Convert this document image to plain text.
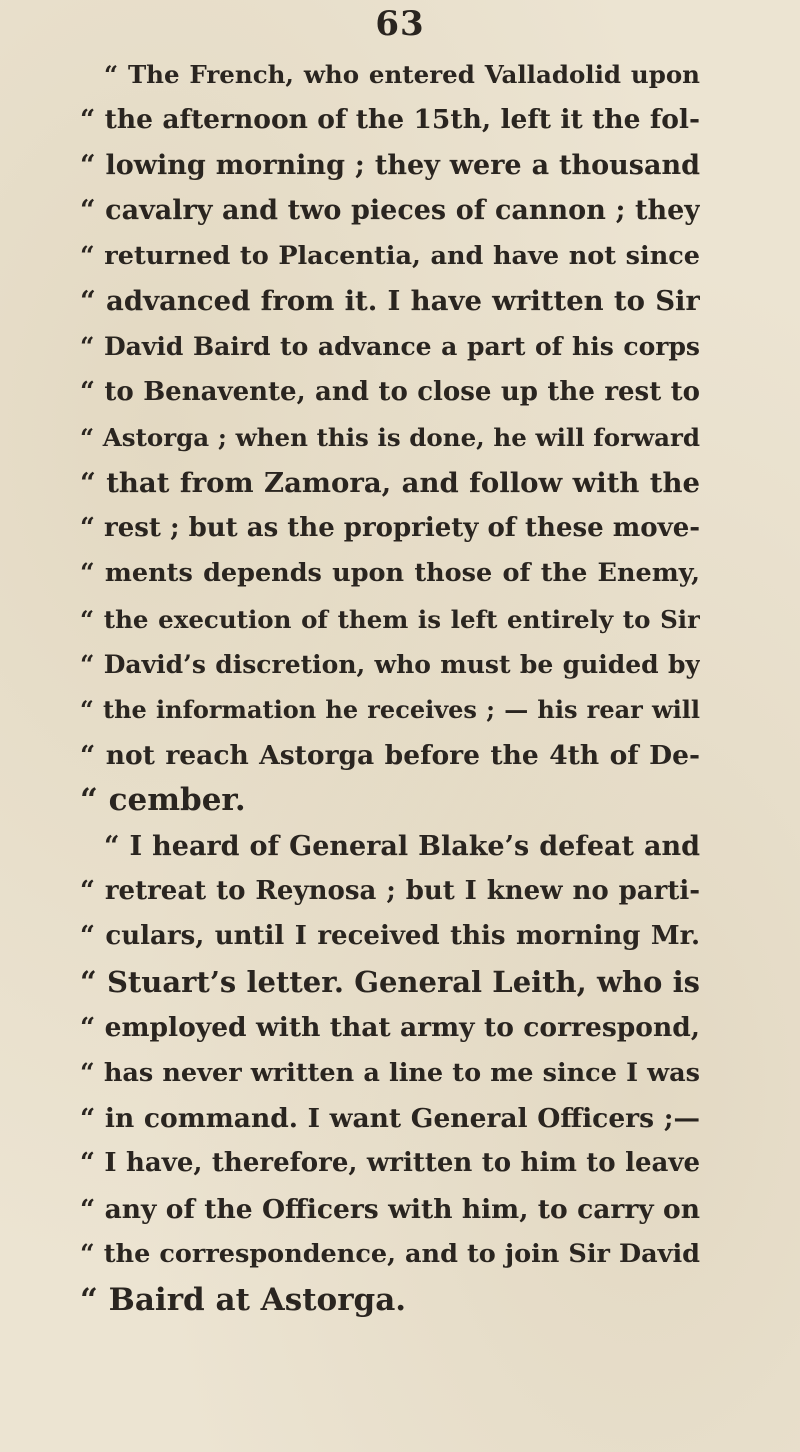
63
“ The French, who entered Valladolid upon
“ the afternoon of the 15th, left it the fol-
“ lowing morning ; they were a thousand
“ cavalry and two pieces of cannon ; they
“ returned to Placentia, and have not since
“ advanced from it. I have written to Sir
“ David Baird to advance a part of his corps
“ to Benavente, and to close up the rest to
“ Astorga ; when this is done, he will forward
“ that from Zamora, and follow with the
“ rest ; but as the propriety of these move-
“ ments depends upon those of the Enemy,
“ the execution of them is left entirely to Sir
“ David’s discretion, who must be guided by
“ the information he receives ; — his rear will
“ not reach Astorga before the 4th of De-
“ cember.
“ I heard of General Blake’s defeat and
“ retreat to Reynosa ; but I knew no parti-
“ culars, until I received this morning Mr.
“ Stuart’s letter. General Leith, who is
“ employed with that army to correspond,
“ has never written a line to me since I was
“ in command. I want General Officers ;—
“ I have, therefore, written to him to leave
“ any of the Officers with him, to carry on
“ the correspondence, and to join Sir David
“ Baird at Astorga.
